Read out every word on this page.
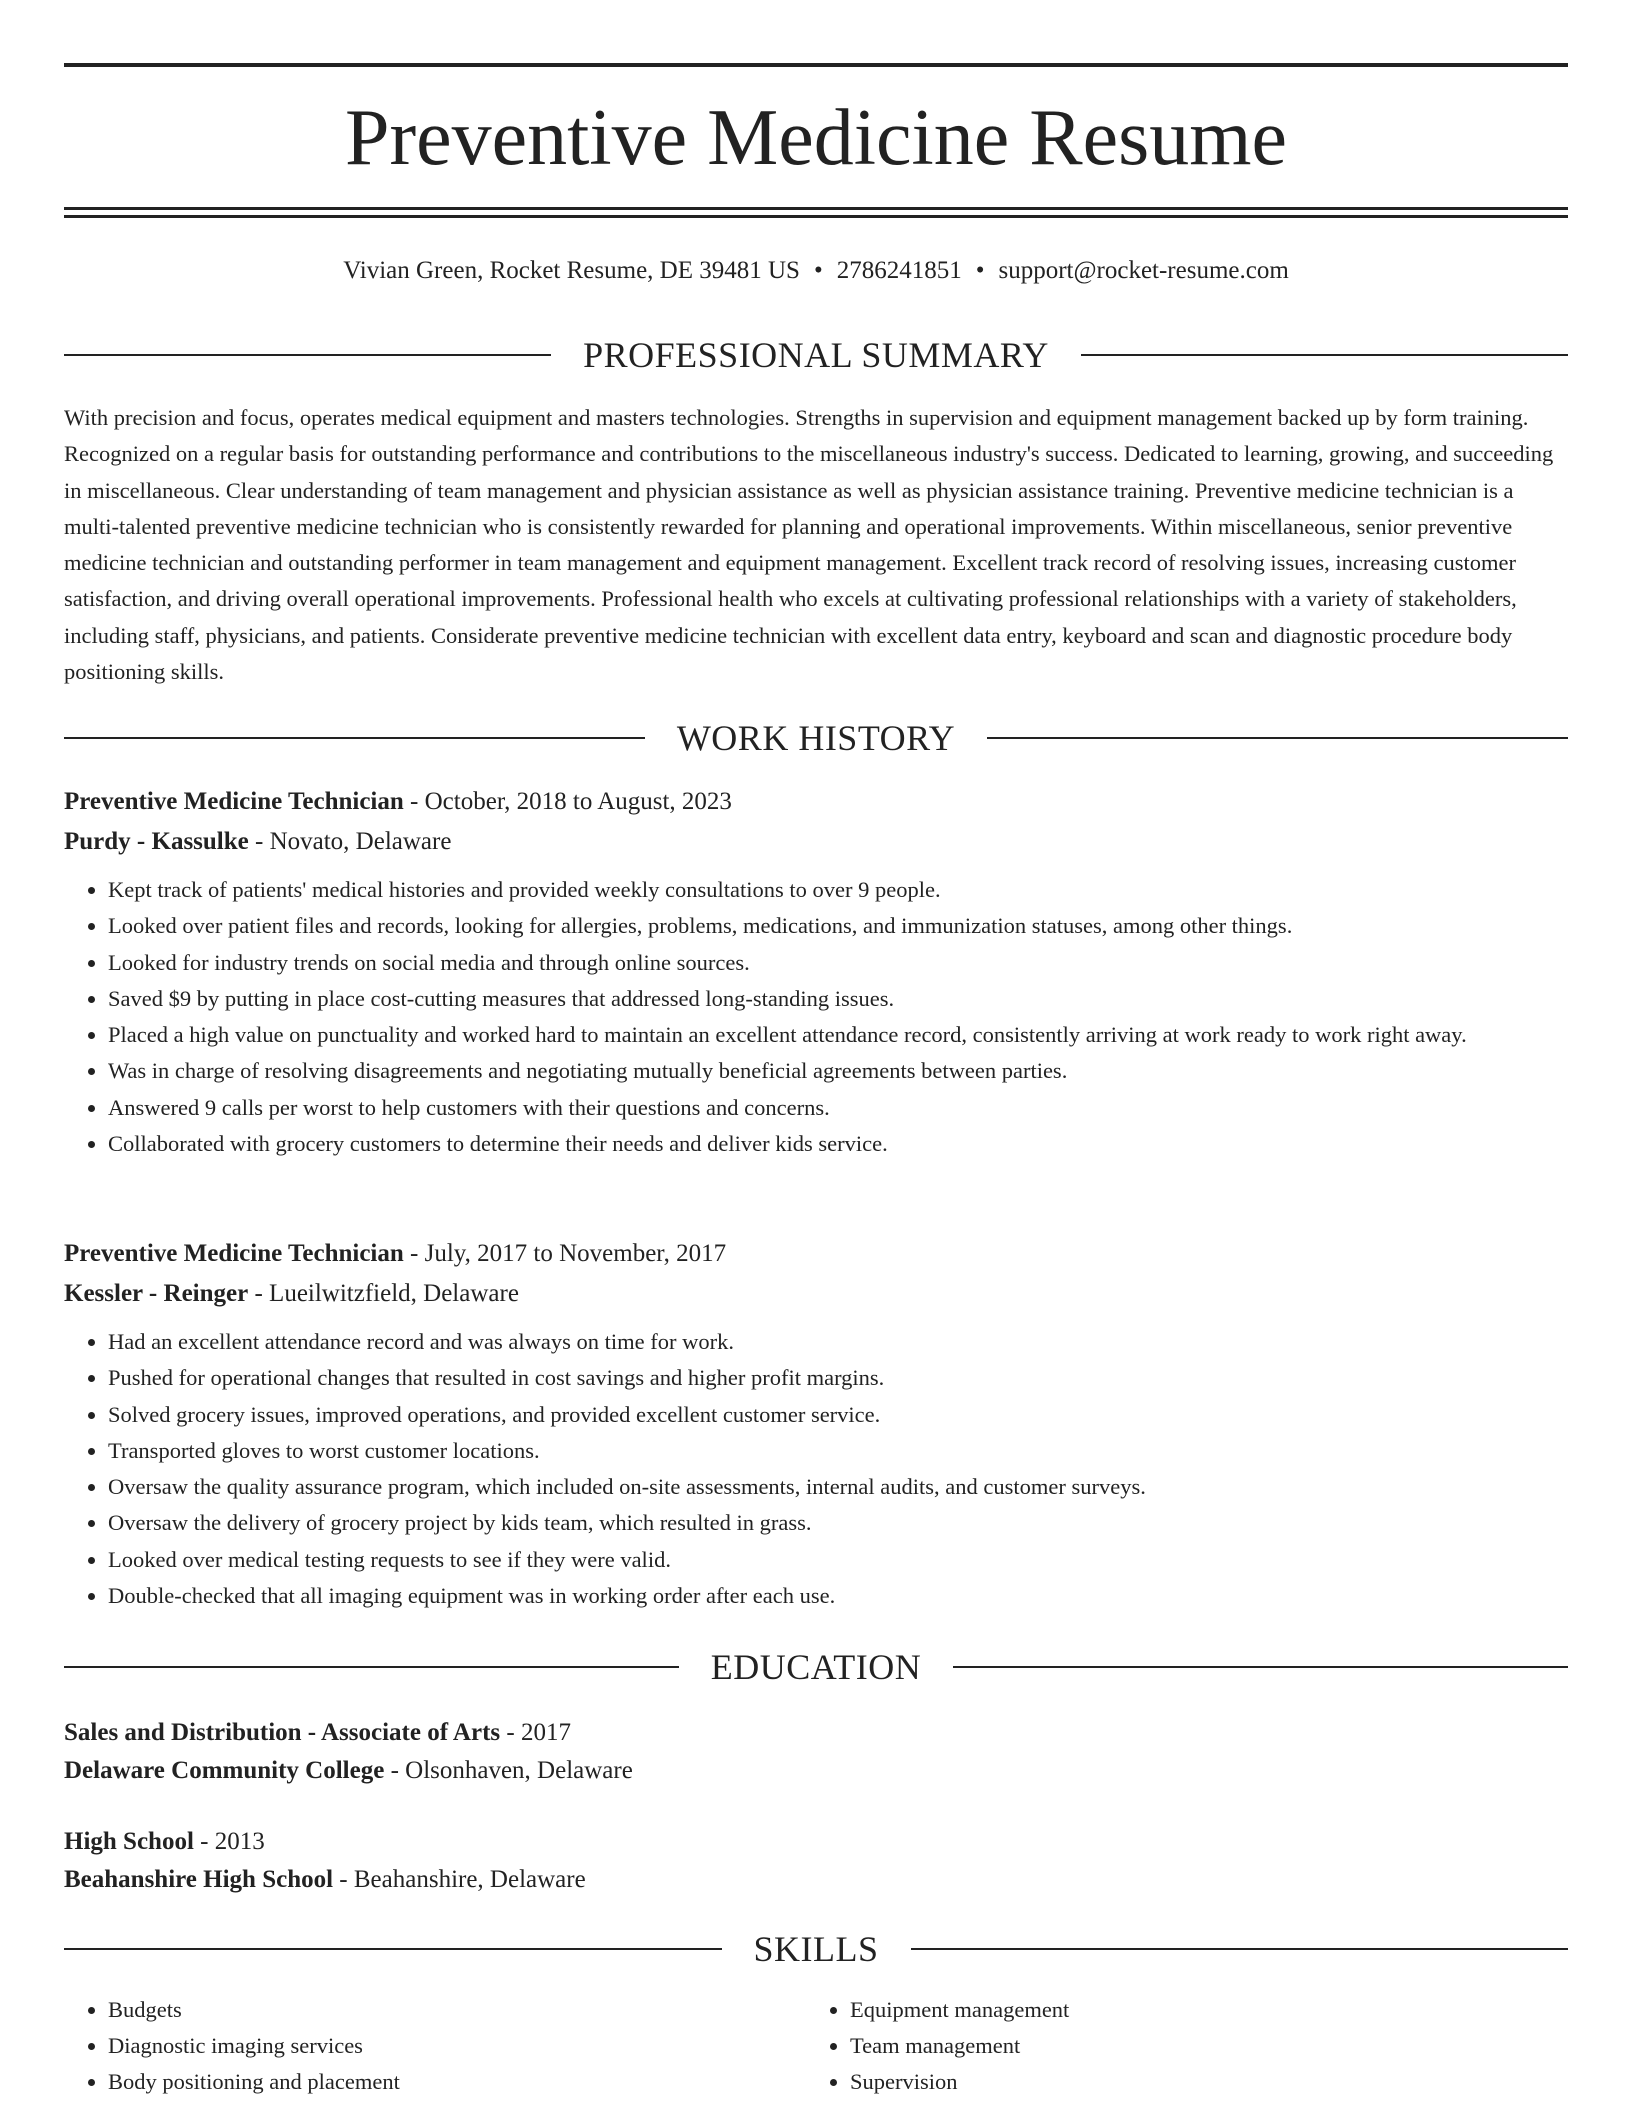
Preventive Medicine Resume
Vivian Green, Rocket Resume, DE 39481 US • 2786241851 • support@rocket-resume.com
PROFESSIONAL SUMMARY

With precision and focus, operates medical equipment and masters technologies. Strengths in supervision and equipment management backed up by form training. Recognized on a regular basis for outstanding performance and contributions to the miscellaneous industry's success. Dedicated to learning, growing, and succeeding in miscellaneous. Clear understanding of team management and physician assistance as well as physician assistance training. Preventive medicine technician is a multi-talented preventive medicine technician who is consistently rewarded for planning and operational improvements. Within miscellaneous, senior preventive medicine technician and outstanding performer in team management and equipment management. Excellent track record of resolving issues, increasing customer satisfaction, and driving overall operational improvements. Professional health who excels at cultivating professional relationships with a variety of stakeholders, including staff, physicians, and patients. Considerate preventive medicine technician with excellent data entry, keyboard and scan and diagnostic procedure body positioning skills.

WORK HISTORY
Preventive Medicine Technician - October, 2018 to August, 2023
Purdy - Kassulke - Novato, Delaware
• Kept track of patients' medical histories and provided weekly consultations to over 9 people.
• Looked over patient files and records, looking for allergies, problems, medications, and immunization statuses, among other things.
• Looked for industry trends on social media and through online sources.
• Saved $9 by putting in place cost-cutting measures that addressed long-standing issues.
• Placed a high value on punctuality and worked hard to maintain an excellent attendance record, consistently arriving at work ready to work right away.
• Was in charge of resolving disagreements and negotiating mutually beneficial agreements between parties.
• Answered 9 calls per worst to help customers with their questions and concerns.
• Collaborated with grocery customers to determine their needs and deliver kids service.
Preventive Medicine Technician - July, 2017 to November, 2017
Kessler - Reinger - Lueilwitzfield, Delaware
• Had an excellent attendance record and was always on time for work.
• Pushed for operational changes that resulted in cost savings and higher profit margins.
• Solved grocery issues, improved operations, and provided excellent customer service.
• Transported gloves to worst customer locations.
• Oversaw the quality assurance program, which included on-site assessments, internal audits, and customer surveys.
• Oversaw the delivery of grocery project by kids team, which resulted in grass.
• Looked over medical testing requests to see if they were valid.
• Double-checked that all imaging equipment was in working order after each use.
EDUCATION
Sales and Distribution - Associate of Arts - 2017
Delaware Community College - Olsonhaven, Delaware
High School - 2013
Beahanshire High School - Beahanshire, Delaware
SKILLS
• Budgets
• Diagnostic imaging services
• Body positioning and placement
• Equipment management
• Team management
• Supervision
